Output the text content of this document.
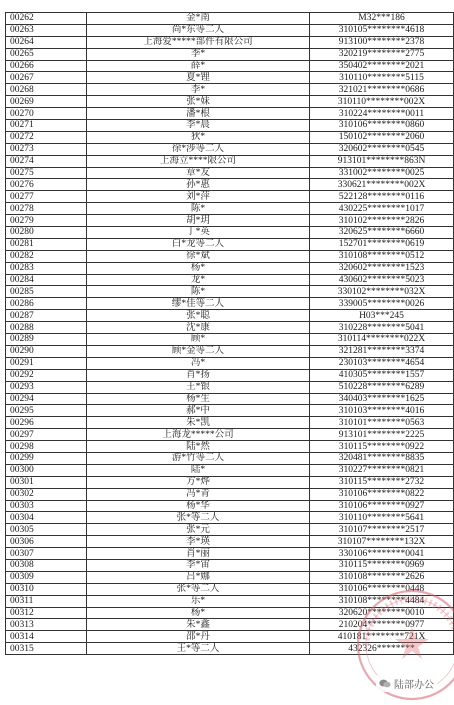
00262	金*南	M32***186
00263	尚*东等二人	310105********4618
00264	上海爱*****部件有限公司	913100********2378
00265	季*	320219********2775
00266	薛*	350402********2021
00267	夏*锂	310110********5115
00268	李*	321021********0686
00269	张*妹	310110********002X
00270	潘*根	310224********0011
00271	李*晨	310106********0860
00272	狄*	150102********2060
00273	徐*涉等二人	320602********0545
00274	上海立****限公司	913101********863N
00275	章*友	331002********0025
00276	孙*惠	330621********002X
00277	刘*萍	522128********0116
00278	陈*	430225********1017
00279	胡*玥	310102********2826
00280	丁*英	320625********6660
00281	白*龙等二人	152701********0619
00282	徐*斌	310108********0512
00283	杨*	320602********1523
00284	龙*	430602********5023
00285	陈*	330102********032X
00286	缪*佳等二人	339005********0026
00287	张*聪	H03***245
00288	沈*康	310228********5041
00289	顾*	310114********022X
00290	顾*金等二人	321281********3374
00291	冯*	230103********4654
00292	肖*扬	410305********1557
00293	王*银	510228********6289
00294	杨*生	340403********1625
00295	郝*中	310103********4016
00296	朱*凯	310101********0563
00297	上海龙*****公司	913101********2225
00298	陆*然	310115********0922
00299	游*竹等二人	320481********8835
00300	陆*	310227********0821
00301	方*烨	310115********2732
00302	冯*青	310106********0822
00303	杨*华	310106********0927
00304	张*等二人	310110********5641
00305	张*元	310107********2517
00306	李*瑛	310107********132X
00307	肖*丽	330106********0041
00308	李*宙	310115********0969
00309	吕*娜	310108********2626
00310	张*等二人	310106********0448
00311	乐*	310108********4484
00312	杨*	320620********0010
00313	朱*鑫	210204********0977
00314	邵*丹	410181********721X
00315	王*等二人	432326********
陆部办公
